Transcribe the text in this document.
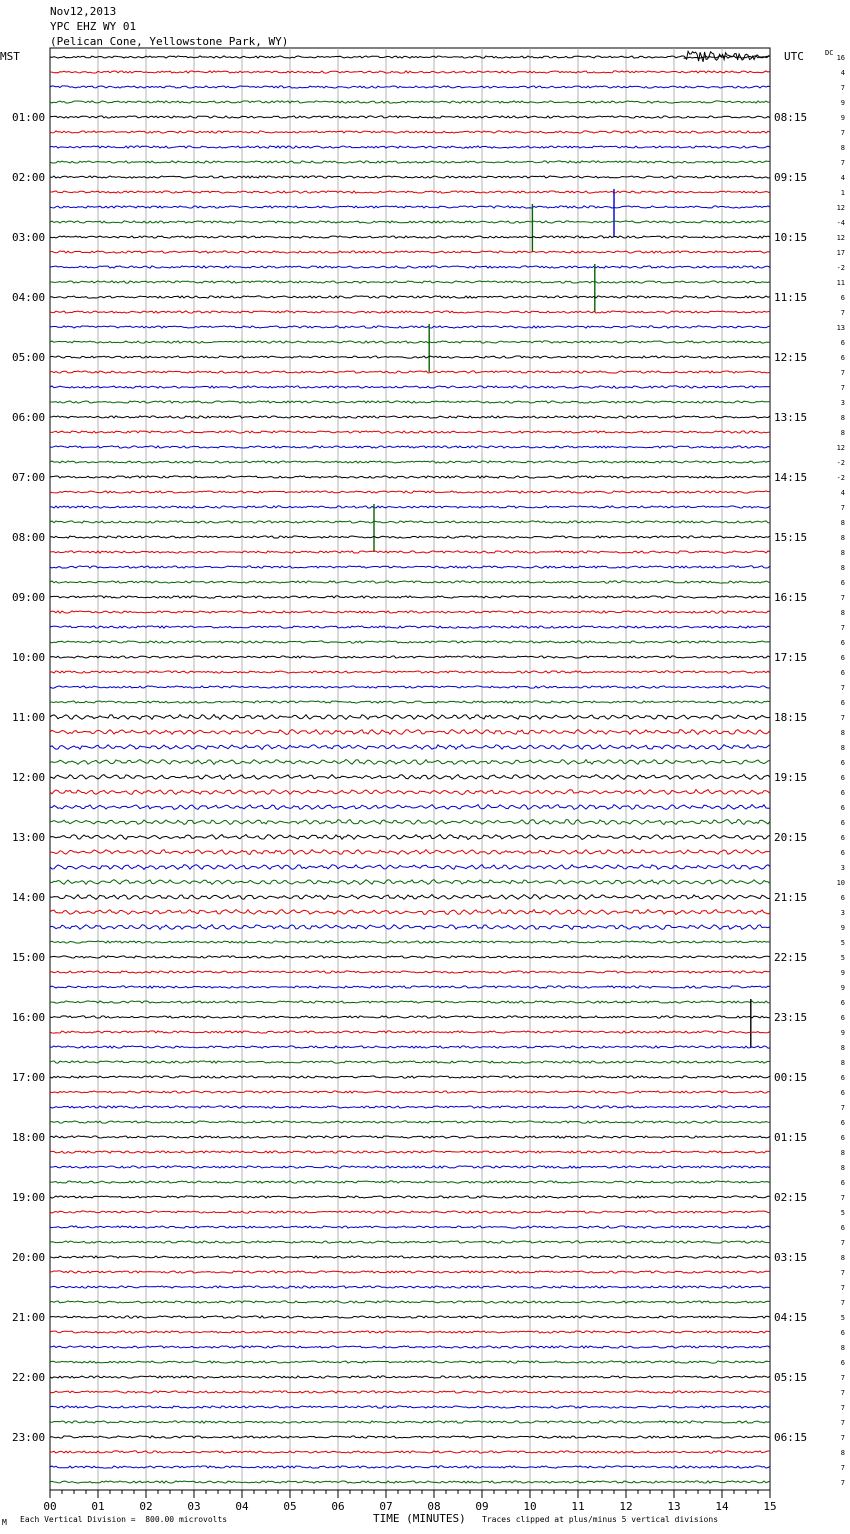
Nov12,2013
YPC EHZ WY 01
(Pelican Cone, Yellowstone Park, WY)
MST	UTC	DC
01:00
02:00
03:00
04:00
05:00
06:00
07:00
08:00
09:00
10:00
11:00
12:00
13:00
14:00
15:00
16:00
17:00
18:00
19:00
20:00
21:00
22:00
23:00
08:15
09:15
10:15
11:15
12:15
13:15
14:15
15:15
16:15
17:15
18:15
19:15
20:15
21:15
22:15
23:15
00:15
01:15
02:15
03:15
04:15
05:15
06:15
16
4
7
9
9
7
8
7
4
1
12
-4
12
17
-2
11
6
7
13
6
6
7
7
3
8
8
12
-2
-2
4
7
8
8
8
8
6
7
8
7
6
6
6
7
6
7
8
8
6
6
6
6
6
6
6
3
10
6
3
9
5
5
9
9
6
6
9
8
8
6
6
7
6
6
8
8
6
7
5
6
7
8
7
7
7
5
6
8
6
7
7
7
7
7
8
7
7
00	01	02	03	04	05	06	07	08	09	10	11	12	13	14	15
M Each Vertical Division =  800.00 microvolts	TIME (MINUTES) Traces clipped at plus/minus 5 vertical divisions
